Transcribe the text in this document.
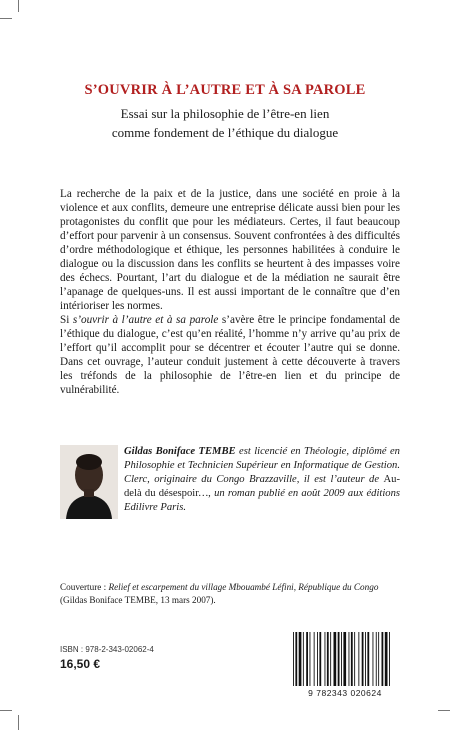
S’OUVRIR À L’AUTRE ET À SA PAROLE
Essai sur la philosophie de l’être-en lien
comme fondement de l’éthique du dialogue

La recherche de la paix et de la justice, dans une société en proie à la violence et aux conflits, demeure une entreprise délicate aussi bien pour les protagonistes du conflit que pour les médiateurs. Certes, il faut beaucoup d’effort pour parvenir à un consensus. Souvent confrontées à des difficultés d’ordre méthodologique et éthique, les personnes habilitées à conduire le dialogue ou la discussion dans les conflits se heurtent à des impasses voire des échecs. Pourtant, l’art du dialogue et de la médiation ne saurait être l’apanage de quelques-uns. Il est aussi important de le connaître que d’en intérioriser les normes.

Si s’ouvrir à l’autre et à sa parole s’avère être le principe fondamental de l’éthique du dialogue, c’est qu’en réalité, l’homme n’y arrive qu’au prix de l’effort qu’il accomplit pour se décentrer et écouter l’autre qui se donne. Dans cet ouvrage, l’auteur conduit justement à cette découverte à travers les tréfonds de la philosophie de l’être-en lien et du principe de vulnérabilité.

Gildas Boniface TEMBE est licencié en Théologie, diplômé en Philosophie et Technicien Supérieur en Informatique de Gestion. Clerc, originaire du Congo Brazzaville, il est l’auteur de Au-delà du désespoir…, un roman publié en août 2009 aux éditions Edilivre Paris.

Couverture : Relief et escarpement du village Mbouambé Léfini, République du Congo (Gildas Boniface TEMBE, 13 mars 2007).

ISBN : 978-2-343-02062-4
16,50 €
9 782343 020624
